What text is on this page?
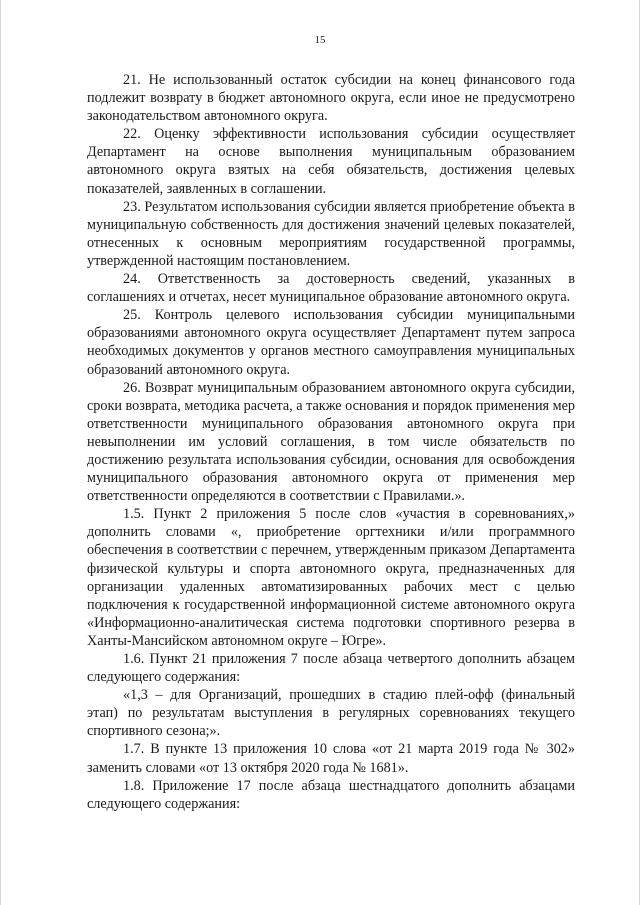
15

21. Не использованный остаток субсидии на конец финансового года подлежит возврату в бюджет автономного округа, если иное не предусмотрено законодательством автономного округа.

22. Оценку эффективности использования субсидии осуществляет Департамент на основе выполнения муниципальным образованием автономного округа взятых на себя обязательств, достижения целевых показателей, заявленных в соглашении.

23. Результатом использования субсидии является приобретение объекта в муниципальную собственность для достижения значений целевых показателей, отнесенных к основным мероприятиям государственной программы, утвержденной настоящим постановлением.

24. Ответственность за достоверность сведений, указанных в соглашениях и отчетах, несет муниципальное образование автономного округа.

25. Контроль целевого использования субсидии муниципальными образованиями автономного округа осуществляет Департамент путем запроса необходимых документов у органов местного самоуправления муниципальных образований автономного округа.

26. Возврат муниципальным образованием автономного округа субсидии, сроки возврата, методика расчета, а также основания и порядок применения мер ответственности муниципального образования автономного округа при невыполнении им условий соглашения, в том числе обязательств по достижению результата использования субсидии, основания для освобождения муниципального образования автономного округа от применения мер ответственности определяются в соответствии с Правилами.».

1.5. Пункт 2 приложения 5 после слов «участия в соревнованиях,» дополнить словами «, приобретение оргтехники и/или программного обеспечения в соответствии с перечнем, утвержденным приказом Департамента физической культуры и спорта автономного округа, предназначенных для организации удаленных автоматизированных рабочих мест с целью подключения к государственной информационной системе автономного округа «Информационно-аналитическая система подготовки спортивного резерва в Ханты-Мансийском автономном округе – Югре».

1.6. Пункт 21 приложения 7 после абзаца четвертого дополнить абзацем следующего содержания:

«1,3 – для Организаций, прошедших в стадию плей-офф (финальный этап) по результатам выступления в регулярных соревнованиях текущего спортивного сезона;».

1.7. В пункте 13 приложения 10 слова «от 21 марта 2019 года № 302» заменить словами «от 13 октября 2020 года № 1681».

1.8. Приложение 17 после абзаца шестнадцатого дополнить абзацами следующего содержания:
